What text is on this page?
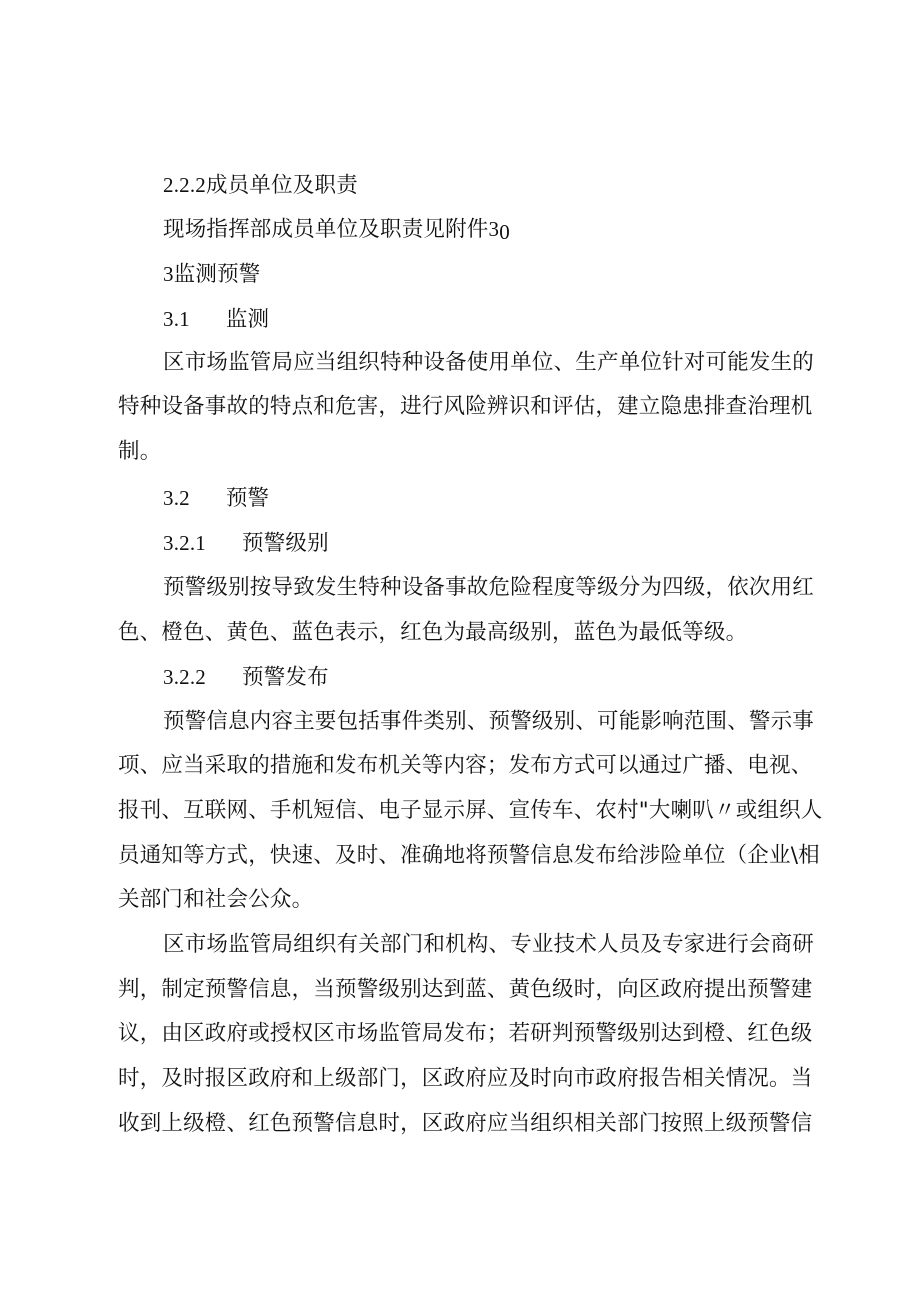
2.2.2成员单位及职责
现场指挥部成员单位及职责见附件$3_0$
3监测预警
3.1 监测
区市场监管局应当组织特种设备使用单位、生产单位针对可能发生的
特种设备事故的特点和危害，进行风险辨识和评估，建立隐患排查治理机
制。
3.2 预警
3.2.1 预警级别
预警级别按导致发生特种设备事故危险程度等级分为四级，依次用红
色、橙色、黄色、蓝色表示，红色为最高级别，蓝色为最低等级。
3.2.2 预警发布
预警信息内容主要包括事件类别、预警级别、可能影响范围、警示事
项、应当采取的措施和发布机关等内容；发布方式可以通过广播、电视、
报刊、互联网、手机短信、电子显示屏、宣传车、农村"大喇叭〃或组织人
员通知等方式，快速、及时、准确地将预警信息发布给涉险单位（企业\相
关部门和社会公众。
区市场监管局组织有关部门和机构、专业技术人员及专家进行会商研
判，制定预警信息，当预警级别达到蓝、黄色级时，向区政府提出预警建
议，由区政府或授权区市场监管局发布；若研判预警级别达到橙、红色级
时，及时报区政府和上级部门，区政府应及时向市政府报告相关情况。当
收到上级橙、红色预警信息时，区政府应当组织相关部门按照上级预警信
